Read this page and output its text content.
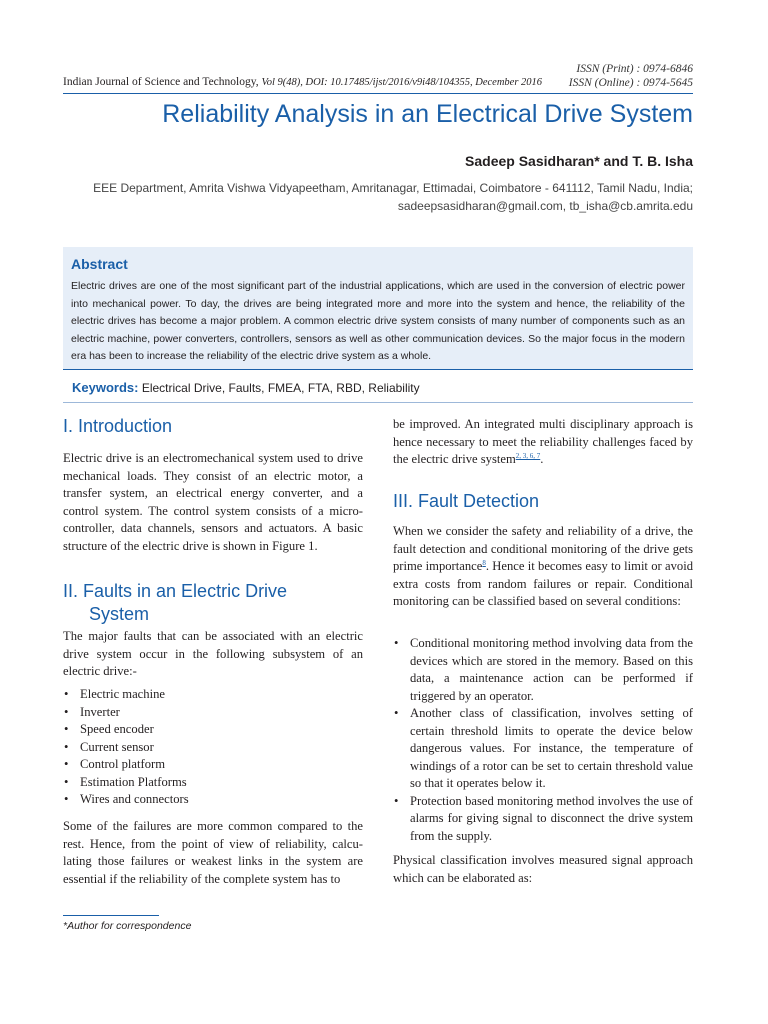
ISSN (Print) : 0974-6846
ISSN (Online) : 0974-5645
Indian Journal of Science and Technology, Vol 9(48), DOI: 10.17485/ijst/2016/v9i48/104355, December 2016
Reliability Analysis in an Electrical Drive System
Sadeep Sasidharan* and T. B. Isha
EEE Department, Amrita Vishwa Vidyapeetham, Amritanagar, Ettimadai, Coimbatore - 641112, Tamil Nadu, India;
sadeepsasidharan@gmail.com, tb_isha@cb.amrita.edu
Abstract

Electric drives are one of the most significant part of the industrial applications, which are used in the conversion of electric power into mechanical power. To day, the drives are being integrated more and more into the system and hence, the reliability of the electric drives has become a major problem. A common electric drive system consists of many number of components such as an electric machine, power converters, controllers, sensors as well as other communication devices. So the major focus in the modern era has been to increase the reliability of the electric drive system as a whole.

Keywords: Electrical Drive, Faults, FMEA, FTA, RBD, Reliability
I. Introduction

Electric drive is an electromechanical system used to drive mechanical loads. They consist of an electric motor, a transfer system, an electrical energy converter, and a control system. The control system consists of a micro-controller, data channels, sensors and actuators. A basic structure of the electric drive is shown in Figure 1.

II. Faults in an Electric Drive
System

The major faults that can be associated with an electric drive system occur in the following subsystem of an electric drive:-

• Electric machine
• Inverter
• Speed encoder
• Current sensor
• Control platform
• Estimation Platforms
• Wires and connectors

Some of the failures are more common compared to the rest. Hence, from the point of view of reliability, calcu-lating those failures or weakest links in the system are essential if the reliability of the complete system has to

be improved. An integrated multi disciplinary approach is hence necessary to meet the reliability challenges faced by the electric drive system$^{2, 3, 6, 7}$.

III. Fault Detection

When we consider the safety and reliability of a drive, the fault detection and conditional monitoring of the drive gets prime importance$^8$. Hence it becomes easy to limit or avoid extra costs from random failures or repair. Conditional monitoring can be classified based on several conditions:

• Conditional monitoring method involving data from the devices which are stored in the memory. Based on this data, a maintenance action can be performed if triggered by an operator.
• Another class of classification, involves setting of certain threshold limits to operate the device below dangerous values. For instance, the temperature of windings of a rotor can be set to certain threshold value so that it operates below it.
• Protection based monitoring method involves the use of alarms for giving signal to disconnect the drive system from the supply.

Physical classification involves measured signal approach which can be elaborated as:

*Author for correspondence
